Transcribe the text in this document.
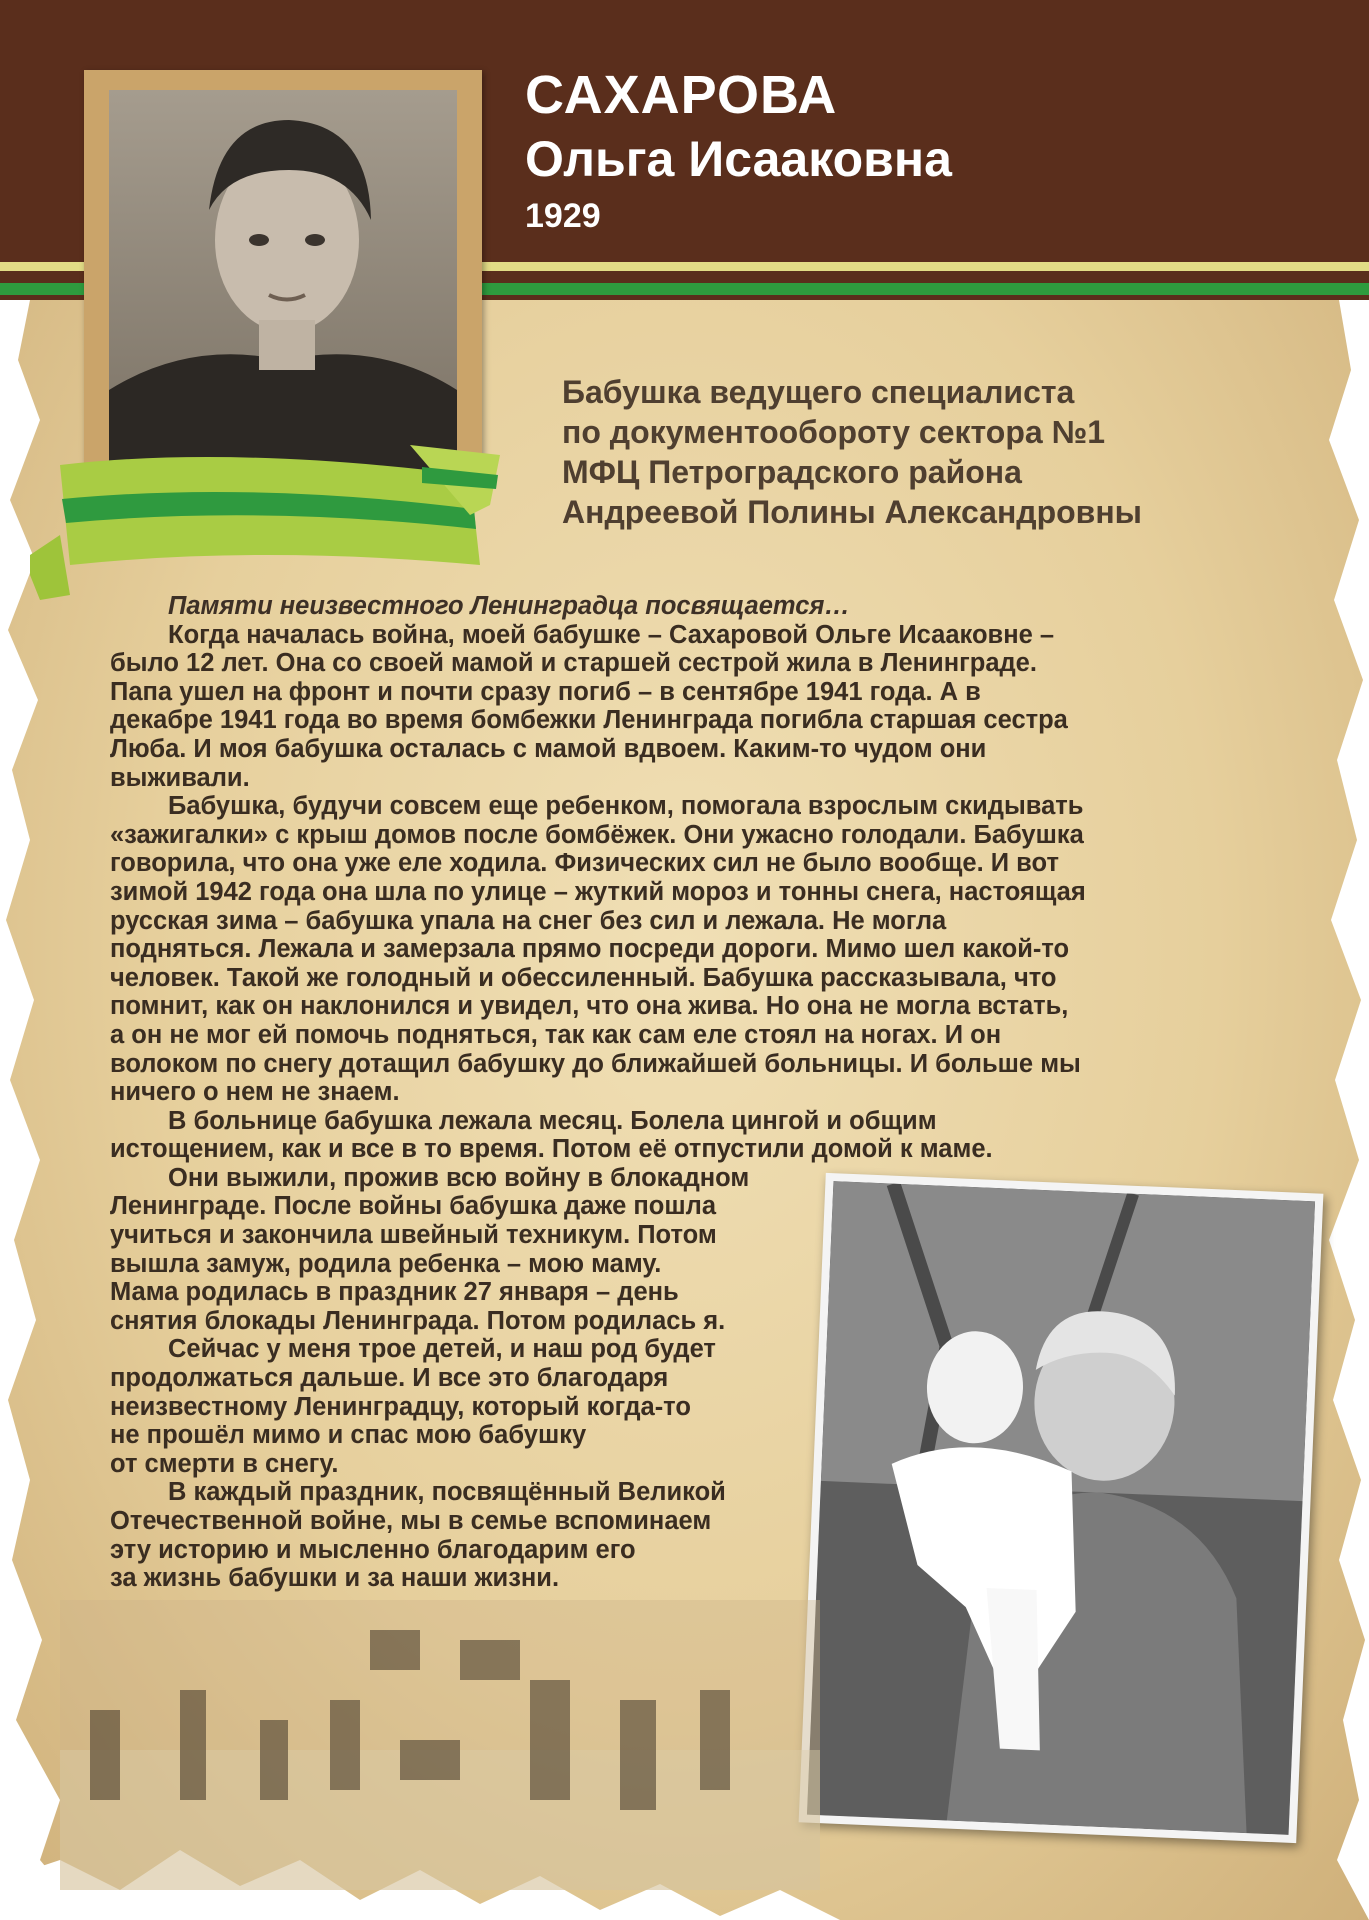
САХАРОВА
Ольга Исааковна
1929
Бабушка ведущего специалиста
по документообороту сектора №1
МФЦ Петроградского района
Андреевой Полины Александровны

Памяти неизвестного Ленинградца посвящается…

Когда началась война, моей бабушке – Сахаровой Ольге Исааковне –
было 12 лет. Она со своей мамой и старшей сестрой жила в Ленинграде.
Папа ушел на фронт и почти сразу погиб – в сентябре 1941 года. А в
декабре 1941 года во время бомбежки Ленинграда погибла старшая сестра
Люба. И моя бабушка осталась с мамой вдвоем. Каким-то чудом они
выживали.

Бабушка, будучи совсем еще ребенком, помогала взрослым скидывать
«зажигалки» с крыш домов после бомбёжек. Они ужасно голодали. Бабушка
говорила, что она уже еле ходила. Физических сил не было вообще. И вот
зимой 1942 года она шла по улице – жуткий мороз и тонны снега, настоящая
русская зима – бабушка упала на снег без сил и лежала. Не могла
подняться. Лежала и замерзала прямо посреди дороги. Мимо шел какой-то
человек. Такой же голодный и обессиленный. Бабушка рассказывала, что
помнит, как он наклонился и увидел, что она жива. Но она не могла встать,
а он не мог ей помочь подняться, так как сам еле стоял на ногах. И он
волоком по снегу дотащил бабушку до ближайшей больницы. И больше мы
ничего о нем не знаем.

В больнице бабушка лежала месяц. Болела цингой и общим
истощением, как и все в то время. Потом её отпустили домой к маме.

Они выжили, прожив всю войну в блокадном
Ленинграде. После войны бабушка даже пошла
учиться и закончила швейный техникум. Потом
вышла замуж, родила ребенка – мою маму.
Мама родилась в праздник 27 января – день
снятия блокады Ленинграда. Потом родилась я.

Сейчас у меня трое детей, и наш род будет
продолжаться дальше. И все это благодаря
неизвестному Ленинградцу, который когда-то
не прошёл мимо и спас мою бабушку
от смерти в снегу.

В каждый праздник, посвящённый Великой
Отечественной войне, мы в семье вспоминаем
эту историю и мысленно благодарим его
за жизнь бабушки и за наши жизни.
